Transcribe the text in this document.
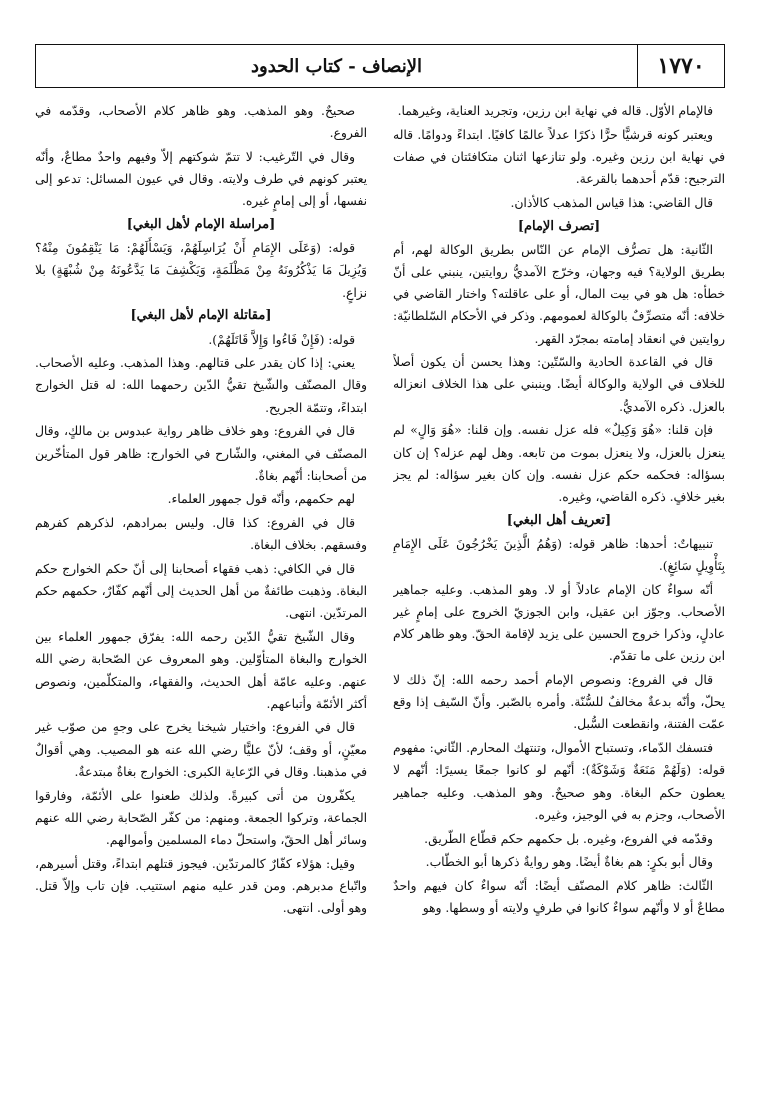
١٧٧٠
الإنصاف - كتاب الحدود

فالإمام الأوّل. قاله في نهاية ابن رزين، وتجريد العناية، وغيرهما.

ويعتبر كونه قرشيًّا حرًّا ذكرًا عدلاً عالمًا كافيًا. ابتداءً ودوامًا. قاله في نهاية ابن رزين وغيره. ولو تنازعها اثنان متكافئتان في صفات الترجيح: قدّم أحدهما بالقرعة.

قال القاضي: هذا قياس المذهب كالأذان.

[تصرف الإمام]

الثّانية: هل تصرُّف الإمام عن النّاس بطريق الوكالة لهم، أم بطريق الولاية؟ فيه وجهان، وخرّج الآمديُّ روايتين، ينبني على أنّ خطأه: هل هو في بيت المال، أو على عاقلته؟ واختار القاضي في خلافه: أنّه متصرِّفٌ بالوكالة لعمومهم. وذكر في الأحكام السّلطانيّة: روايتين في انعقاد إمامته بمجرّد القهر.

قال في القاعدة الحادية والسّتّين: وهذا يحسن أن يكون أصلاً للخلاف في الولاية والوكالة أيضًا. وينبني على هذا الخلاف انعزاله بالعزل. ذكره الآمديُّ.

فإن قلنا: «هُوَ وَكِيلٌ» فله عزل نفسه. وإن قلنا: «هُوَ وَالٍ» لم ينعزل بالعزل، ولا ينعزل بموت من تابعه. وهل لهم عزله؟ إن كان بسؤاله: فحكمه حكم عزل نفسه. وإن كان بغير سؤاله: لم يجز بغير خلافٍ. ذكره القاضي، وغيره.

[تعريف أهل البغي]

تنبيهاتٌ: أحدها: ظاهر قوله: (وَهُمُ الَّذِينَ يَخْرُجُونَ عَلَى الإِمَامِ بِتَأْوِيلٍ سَائِغٍ).

أنّه سواءٌ كان الإمام عادلاً أو لا. وهو المذهب. وعليه جماهير الأصحاب. وجوّز ابن عقيل، وابن الجوزيّ الخروج على إمامٍ غير عادلٍ، وذكرا خروج الحسين على يزيد لإقامة الحقّ. وهو ظاهر كلام ابن رزين على ما تقدّم.

قال في الفروع: ونصوص الإمام أحمد رحمه الله: إنّ ذلك لا يحلّ، وأنّه بدعةٌ مخالفٌ للسُّنّة. وأمره بالصّبر. وأنّ السّيف إذا وقع عمّت الفتنة، وانقطعت السُّبل.

فتسفك الدّماء، وتستباح الأموال، وتنتهك المحارم. الثّاني: مفهوم قوله: (وَلَهُمْ مَنَعَةٌ وَشَوْكَةٌ): أنّهم لو كانوا جمعًا يسيرًا: أنّهم لا يعطون حكم البغاة. وهو صحيحٌ. وهو المذهب. وعليه جماهير الأصحاب، وجزم به في الوجيز، وغيره.

وقدّمه في الفروع، وغيره. بل حكمهم حكم قطّاع الطّريق.

وقال أبو بكرٍ: هم بغاةٌ أيضًا. وهو روايةٌ ذكرها أبو الخطّاب.

الثّالث: ظاهر كلام المصنّف أيضًا: أنّه سواءٌ كان فيهم واحدٌ مطاعٌ أو لا وأنّهم سواءٌ كانوا في طرفٍ ولايته أو وسطها. وهو

صحيحٌ. وهو المذهب. وهو ظاهر كلام الأصحاب، وقدّمه في الفروع.

وقال في التّرغيب: لا تتمّ شوكتهم إلاّ وفيهم واحدٌ مطاعٌ، وأنّه يعتبر كونهم في طرف ولايته. وقال في عيون المسائل: تدعو إلى نفسها، أو إلى إمامٍ غيره.

[مراسلة الإمام لأهل البغي]

قوله: (وَعَلَى الإِمَامِ أَنْ يُرَاسِلَهُمْ، وَيَسْأَلَهُمْ: مَا يَنْقِمُونَ مِنْهُ؟ وَيُزِيلَ مَا يَذْكُرُونَهُ مِنْ مَظْلَمَةٍ، وَيَكْشِفَ مَا يَدَّعُونَهُ مِنْ شُبْهَةٍ) بلا نزاعٍ.

[مقاتلة الإمام لأهل البغي]

قوله: (فَإِنْ فَاءُوا وَإِلاَّ قَاتَلَهُمْ).

يعني: إذا كان يقدر على قتالهم. وهذا المذهب. وعليه الأصحاب. وقال المصنّف والشّيخ تقيُّ الدّين رحمهما الله: له قتل الخوارج ابتداءً، وتتمّة الجريح.

قال في الفروع: وهو خلاف ظاهر رواية عبدوس بن مالكٍ، وقال المصنّف في المغني، والشّارح في الخوارج: ظاهر قول المتأخّرين من أصحابنا: أنّهم بغاةٌ.

لهم حكمهم، وأنّه قول جمهور العلماء.

قال في الفروع: كذا قال. وليس بمرادهم، لذكرهم كفرهم وفسقهم. بخلاف البغاة.

قال في الكافي: ذهب فقهاء أصحابنا إلى أنّ حكم الخوارج حكم البغاة. وذهبت طائفةٌ من أهل الحديث إلى أنّهم كفّارٌ، حكمهم حكم المرتدّين. انتهى.

وقال الشّيخ تقيُّ الدّين رحمه الله: يفرّق جمهور العلماء بين الخوارج والبغاة المتأوّلين. وهو المعروف عن الصّحابة رضي الله عنهم. وعليه عامّة أهل الحديث، والفقهاء، والمتكلّمين، ونصوص أكثر الأئمّة وأتباعهم.

قال في الفروع: واختيار شيخنا يخرج على وجهٍ من صوّب غير معيّنٍ، أو وقف؛ لأنّ عليًّا رضي الله عنه هو المصيب. وهي أقوالٌ في مذهبنا. وقال في الرّعاية الكبرى: الخوارج بغاةٌ مبتدعةٌ.

يكفّرون من أتى كبيرةً. ولذلك طعنوا على الأئمّة، وفارقوا الجماعة، وتركوا الجمعة. ومنهم: من كفّر الصّحابة رضي الله عنهم وسائر أهل الحقّ، واستحلّ دماء المسلمين وأموالهم.

وقيل: هؤلاء كفّارٌ كالمرتدّين. فيجوز قتلهم ابتداءً، وقتل أسيرهم، واتّباع مدبرهم. ومن قدر عليه منهم استتيب. فإن تاب وإلاّ قتل. وهو أولى. انتهى.
